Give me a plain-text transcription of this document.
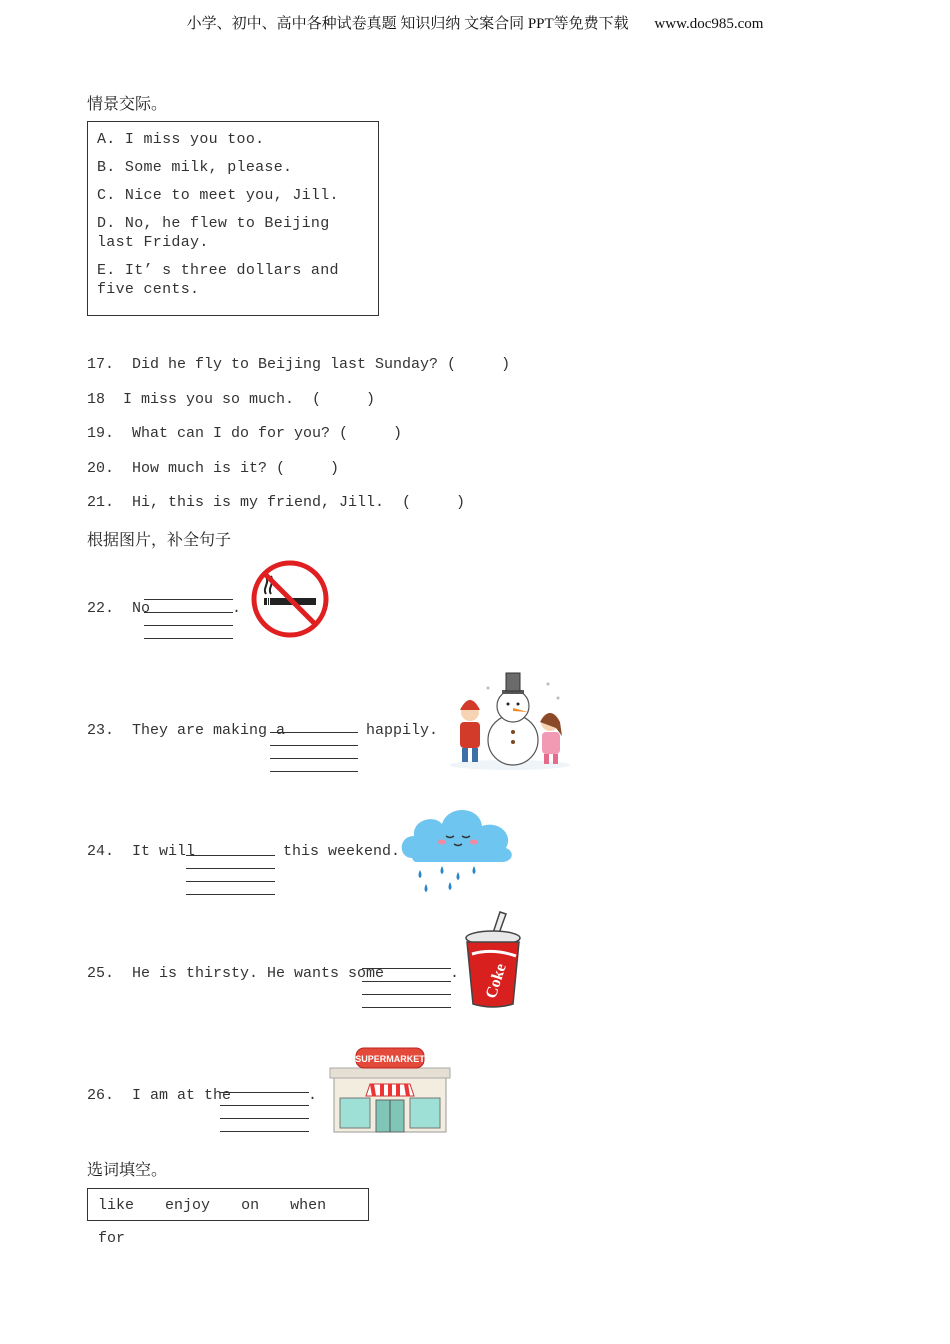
小学、初中、高中各种试卷真题 知识归纳 文案合同 PPT等免费下载 www.doc985.com
情景交际。
A. I miss you too.
B. Some milk, please.
C. Nice to meet you, Jill.
D. No, he flew to Beijing last Friday.
E. It’ s three dollars and five cents.
17.  Did he fly to Beijing last Sunday? (     )
18  I miss you so much.  (     )
19.  What can I do for you? (     )
20.  How much is it? (     )
21.  Hi, this is my friend, Jill.  (     )
根据图片，补全句子
22.  No	.
23.  They are making a	happily.
24.  It will	this weekend.
25.  He is thirsty. He wants some	. Coke
26.  I am at the	.
SUPERMARKET
选词填空。
like enjoy on when for
